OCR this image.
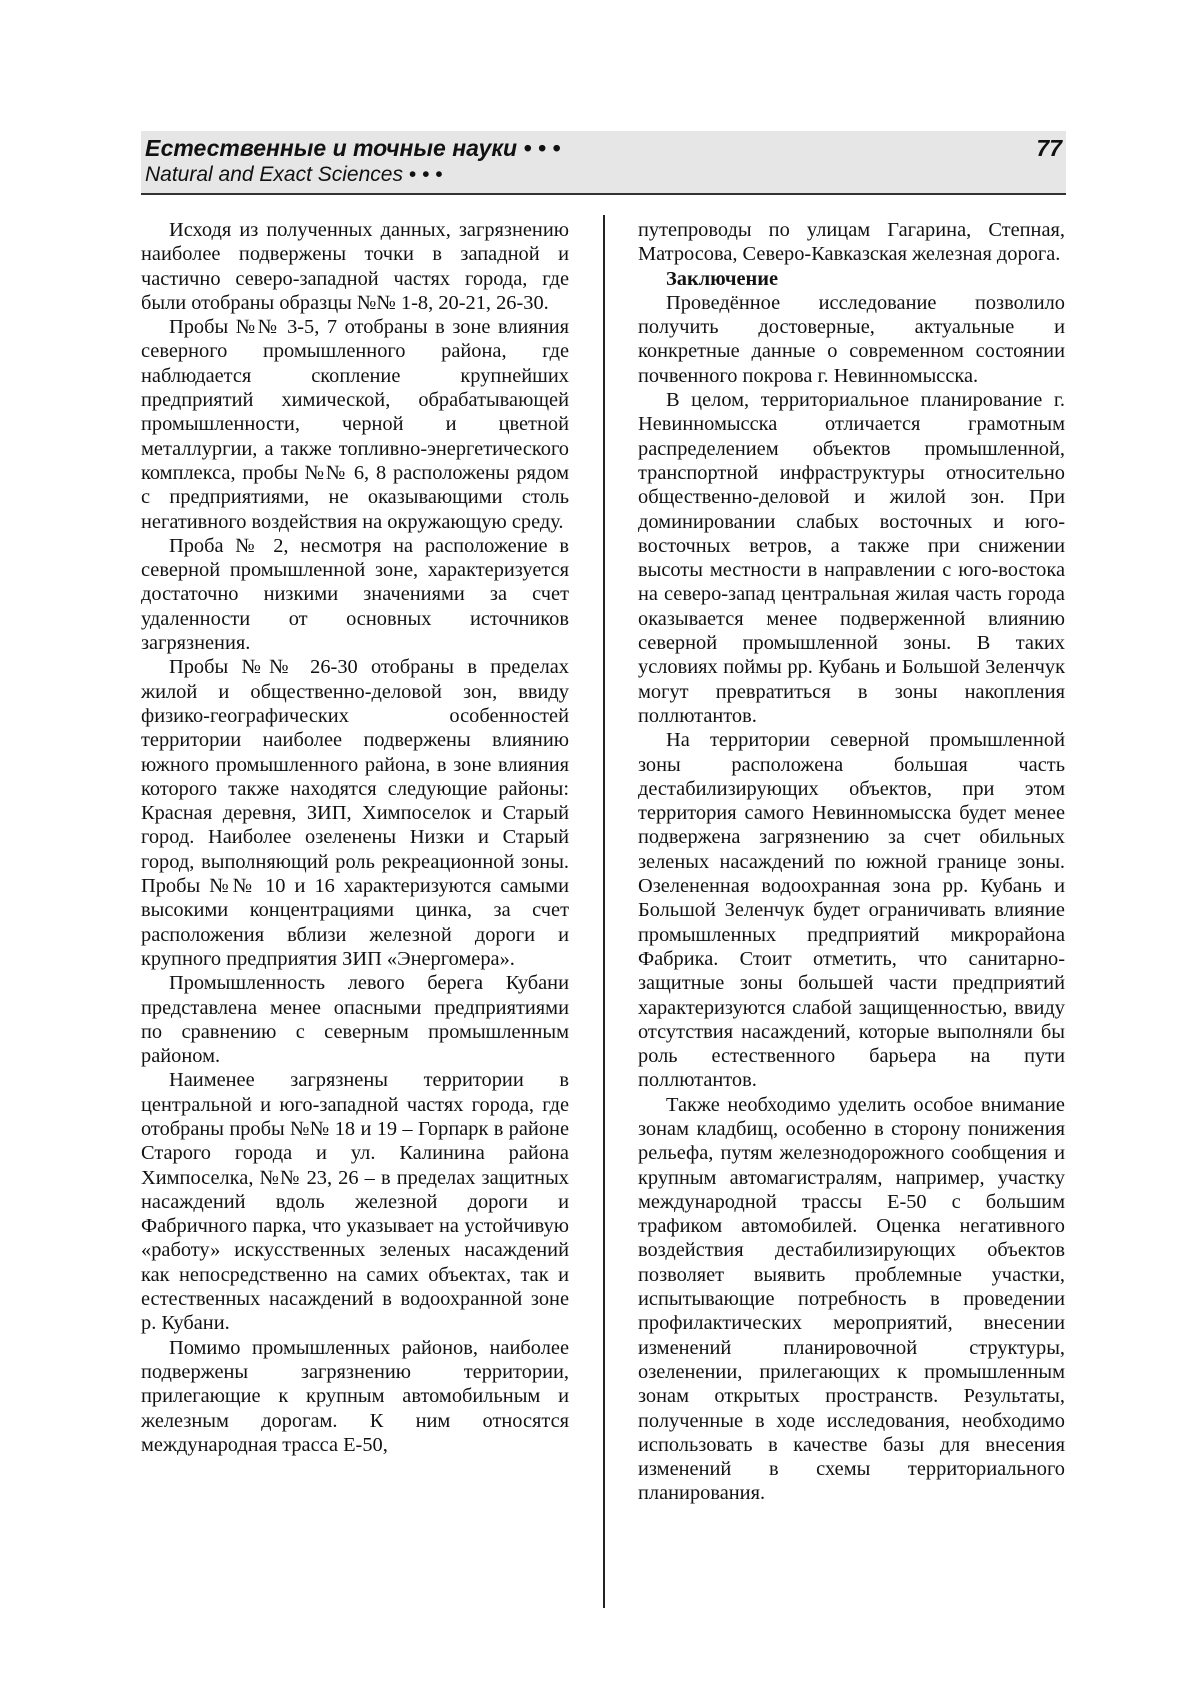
Естественные и точные науки • • •
Natural and Exact Sciences • • •
77

Исходя из полученных данных, загрязнению наиболее подвержены точки в западной и частично северо-западной частях города, где были отобраны образцы №№ 1-8, 20-21, 26-30.

Пробы №№ 3-5, 7 отобраны в зоне влияния северного промышленного района, где наблюдается скопление крупнейших предприятий химической, обрабатывающей промышленности, черной и цветной металлургии, а также топливно-энергетического комплекса, пробы №№ 6, 8 расположены рядом с предприятиями, не оказывающими столь негативного воздействия на окружающую среду.

Проба № 2, несмотря на расположение в северной промышленной зоне, характеризуется достаточно низкими значениями за счет удаленности от основных источников загрязнения.

Пробы №№ 26-30 отобраны в пределах жилой и общественно-деловой зон, ввиду физико-географических особенностей территории наиболее подвержены влиянию южного промышленного района, в зоне влияния которого также находятся следующие районы: Красная деревня, ЗИП, Химпоселок и Старый город. Наиболее озеленены Низки и Старый город, выполняющий роль рекреационной зоны. Пробы №№ 10 и 16 характеризуются самыми высокими концентрациями цинка, за счет расположения вблизи железной дороги и крупного предприятия ЗИП «Энергомера».

Промышленность левого берега Кубани представлена менее опасными предприятиями по сравнению с северным промышленным районом.

Наименее загрязнены территории в центральной и юго-западной частях города, где отобраны пробы №№ 18 и 19 – Горпарк в районе Старого города и ул. Калинина района Химпоселка, №№ 23, 26 – в пределах защитных насаждений вдоль железной дороги и Фабричного парка, что указывает на устойчивую «работу» искусственных зеленых насаждений как непосредственно на самих объектах, так и естественных насаждений в водоохранной зоне р. Кубани.

Помимо промышленных районов, наиболее подвержены загрязнению территории, прилегающие к крупным автомобильным и железным дорогам. К ним относятся международная трасса Е-50,

путепроводы по улицам Гагарина, Степная, Матросова, Северо-Кавказская железная дорога.

Заключение

Проведённое исследование позволило получить достоверные, актуальные и конкретные данные о современном состоянии почвенного покрова г. Невинномысска.

В целом, территориальное планирование г. Невинномысска отличается грамотным распределением объектов промышленной, транспортной инфраструктуры относительно общественно-деловой и жилой зон. При доминировании слабых восточных и юго-восточных ветров, а также при снижении высоты местности в направлении с юго-востока на северо-запад центральная жилая часть города оказывается менее подверженной влиянию северной промышленной зоны. В таких условиях поймы рр. Кубань и Большой Зеленчук могут превратиться в зоны накопления поллютантов.

На территории северной промышленной зоны расположена большая часть дестабилизирующих объектов, при этом территория самого Невинномысска будет менее подвержена загрязнению за счет обильных зеленых насаждений по южной границе зоны. Озелененная водоохранная зона рр. Кубань и Большой Зеленчук будет ограничивать влияние промышленных предприятий микрорайона Фабрика. Стоит отметить, что санитарно-защитные зоны большей части предприятий характеризуются слабой защищенностью, ввиду отсутствия насаждений, которые выполняли бы роль естественного барьера на пути поллютантов.

Также необходимо уделить особое внимание зонам кладбищ, особенно в сторону понижения рельефа, путям железнодорожного сообщения и крупным автомагистралям, например, участку международной трассы Е-50 с большим трафиком автомобилей. Оценка негативного воздействия дестабилизирующих объектов позволяет выявить проблемные участки, испытывающие потребность в проведении профилактических мероприятий, внесении изменений планировочной структуры, озеленении, прилегающих к промышленным зонам открытых пространств. Результаты, полученные в ходе исследования, необходимо использовать в качестве базы для внесения изменений в схемы территориального планирования.
